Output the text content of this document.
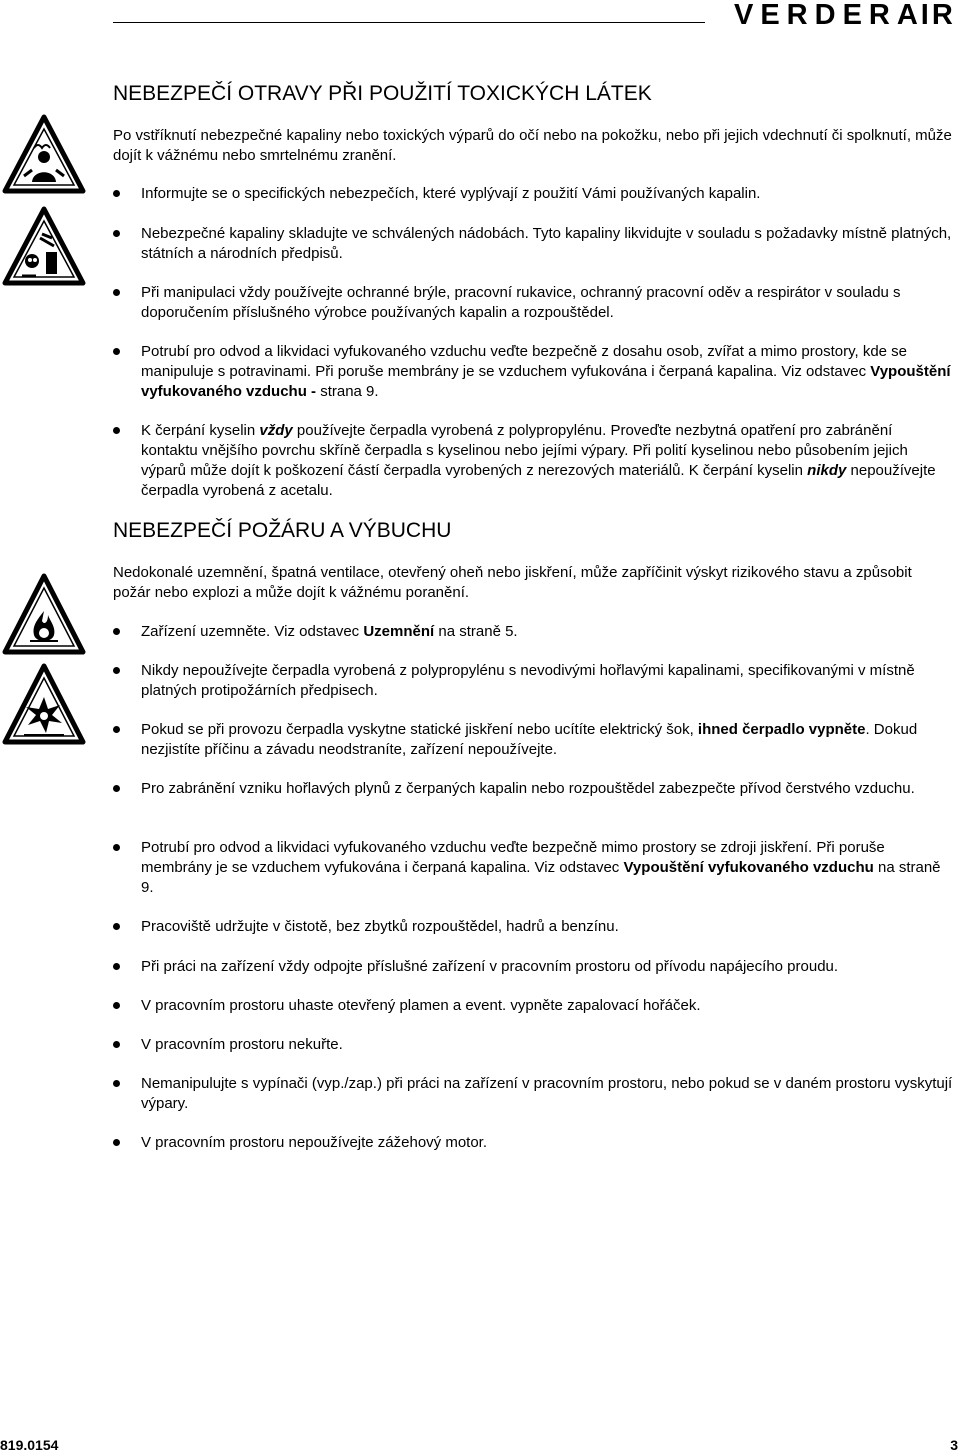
VERDERAIR
NEBEZPEČÍ OTRAVY PŘI POUŽITÍ TOXICKÝCH LÁTEK

Po vstříknutí nebezpečné kapaliny nebo toxických výparů do očí nebo na pokožku, nebo při jejich vdechnutí či spolknutí, může dojít k vážnému nebo smrtelnému zranění.

Informujte se o specifických nebezpečích, které vyplývají z použití Vámi používaných kapalin.
Nebezpečné kapaliny skladujte ve schválených nádobách. Tyto kapaliny likvidujte v souladu s požadavky místně platných, státních a národních předpisů.
Při manipulaci vždy používejte ochranné brýle, pracovní rukavice, ochranný pracovní oděv a respirátor v souladu s doporučením příslušného výrobce používaných kapalin a rozpouštědel.
Potrubí pro odvod a likvidaci vyfukovaného vzduchu veďte bezpečně z dosahu osob, zvířat a mimo prostory, kde se manipuluje s potravinami. Při poruše membrány je se vzduchem vyfukována i čerpaná kapalina. Viz odstavec Vypouštění vyfukovaného vzduchu - strana 9.
K čerpání kyselin vždy používejte čerpadla vyrobená z polypropylénu. Proveďte nezbytná opatření pro zabránění kontaktu vnějšího povrchu skříně čerpadla s kyselinou nebo jejími výpary. Při polití kyselinou nebo působením jejich výparů může dojít k poškození částí čerpadla vyrobených z nerezových materiálů. K čerpání kyselin nikdy nepoužívejte čerpadla vyrobená z acetalu.
NEBEZPEČÍ POŽÁRU A VÝBUCHU

Nedokonalé uzemnění, špatná ventilace, otevřený oheň nebo jiskření, může zapříčinit výskyt rizikového stavu a způsobit požár nebo explozi a může dojít k vážnému poranění.

Zařízení uzemněte. Viz odstavec Uzemnění na straně 5.
Nikdy nepoužívejte čerpadla vyrobená z polypropylénu s nevodivými hořlavými kapalinami, specifikovanými v místně platných protipožárních předpisech.
Pokud se při provozu čerpadla vyskytne statické jiskření nebo ucítíte elektrický šok, ihned čerpadlo vypněte. Dokud nezjistíte příčinu a závadu neodstraníte, zařízení nepoužívejte.
Pro zabránění vzniku hořlavých plynů z čerpaných kapalin nebo rozpouštědel zabezpečte přívod čerstvého vzduchu.
Potrubí pro odvod a likvidaci vyfukovaného vzduchu veďte bezpečně mimo prostory se zdroji jiskření. Při poruše membrány je se vzduchem vyfukována i čerpaná kapalina. Viz odstavec Vypouštění vyfukovaného vzduchu na straně 9.
Pracoviště udržujte v čistotě, bez zbytků rozpouštědel, hadrů a benzínu.
Při práci na zařízení vždy odpojte příslušné zařízení v pracovním prostoru od přívodu napájecího proudu.
V pracovním prostoru uhaste otevřený plamen a event. vypněte zapalovací hořáček.
V pracovním prostoru nekuřte.
Nemanipulujte s vypínači (vyp./zap.) při práci na zařízení v pracovním prostoru, nebo pokud se v daném prostoru vyskytují výpary.
V pracovním prostoru nepoužívejte zážehový motor.
819.0154	3
